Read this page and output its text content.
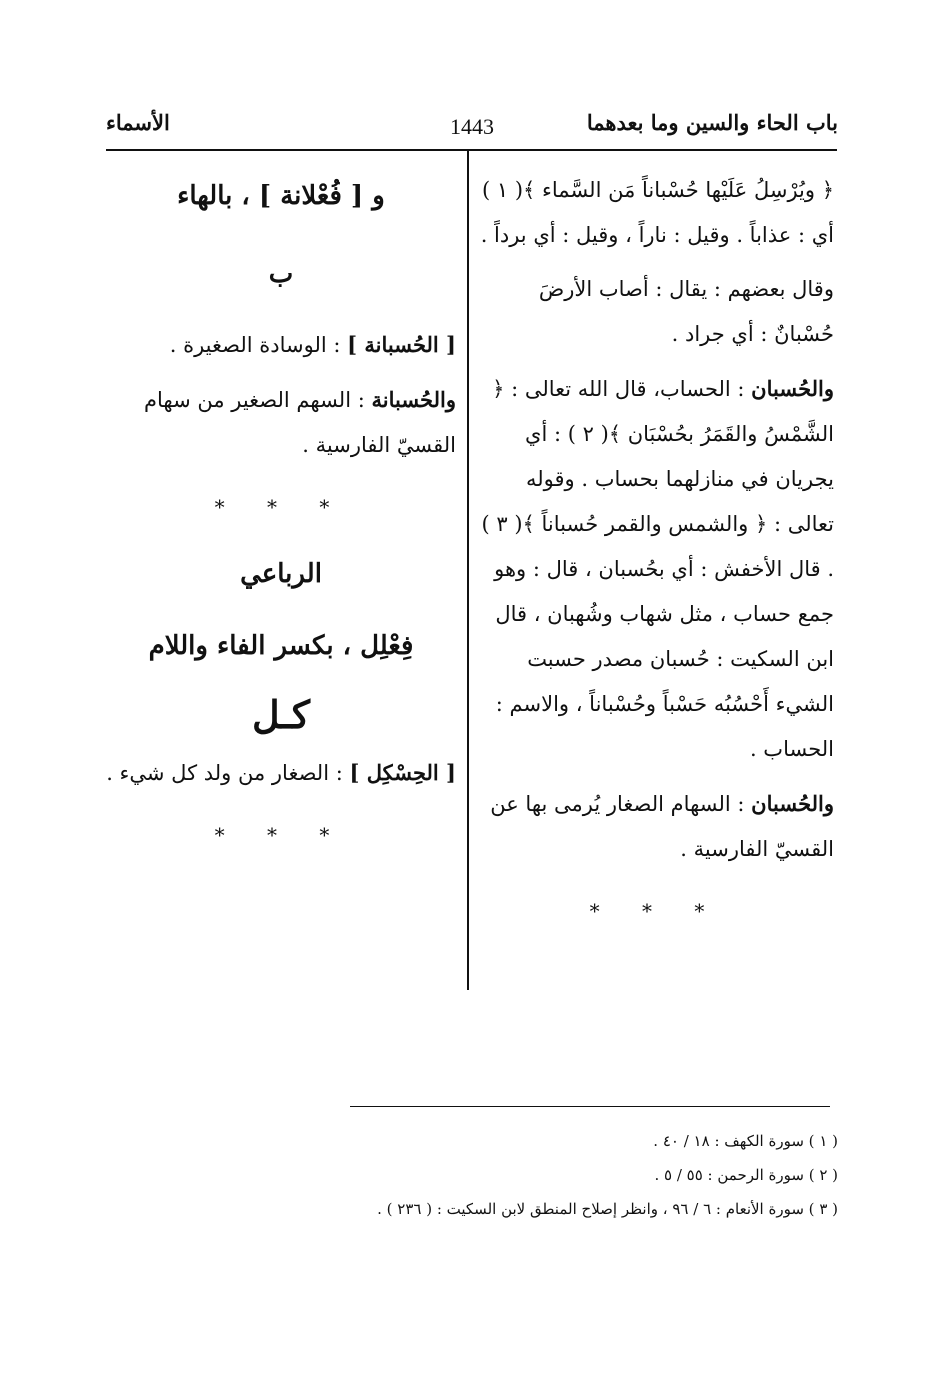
باب الحاء والسين وما بعدهما
1443
الأسماء

﴿ ويُرْسِلُ عَلَيْها حُسْباناً مَن السَّماء ﴾( ١ ) أي : عذاباً . وقيل : ناراً ، وقيل : أي برداً .

وقال بعضهم : يقال : أصاب الأرضَ حُسْبانٌ : أي جراد .

والحُسبان : الحساب، قال الله تعالى : ﴿ الشَّمْسُ والقَمَرُ بحُسْبَان ﴾( ٢ ) : أي يجريان في منازلهما بحساب . وقوله تعالى : ﴿ والشمس والقمر حُسباناً ﴾( ٣ ) . قال الأخفش : أي بحُسبان ، قال : وهو جمع حساب ، مثل شهاب وشُهبان ، قال ابن السكيت : حُسبان مصدر حسبت الشيء أَحْسُبُه حَسْباً وحُسْباناً ، والاسم : الحساب .

والحُسبان : السهام الصغار يُرمى بها عن القسيّ الفارسية .

* * *
و [ فُعْلانة ] ، بالهاء
ب

[ الحُسبانة ] : الوسادة الصغيرة .

والحُسبانة : السهم الصغير من سهام القسيّ الفارسية .

* * *
الرباعي
فِعْلِل ، بكسر الفاء واللام
كـل

[ الحِسْكِل ] : الصغار من ولد كل شيء .

* * *

( ١ ) سورة الكهف : ١٨ / ٤٠ .

( ٢ ) سورة الرحمن : ٥٥ / ٥ .

( ٣ ) سورة الأنعام : ٦ / ٩٦ ، وانظر إصلاح المنطق لابن السكيت : ( ٢٣٦ ) .
